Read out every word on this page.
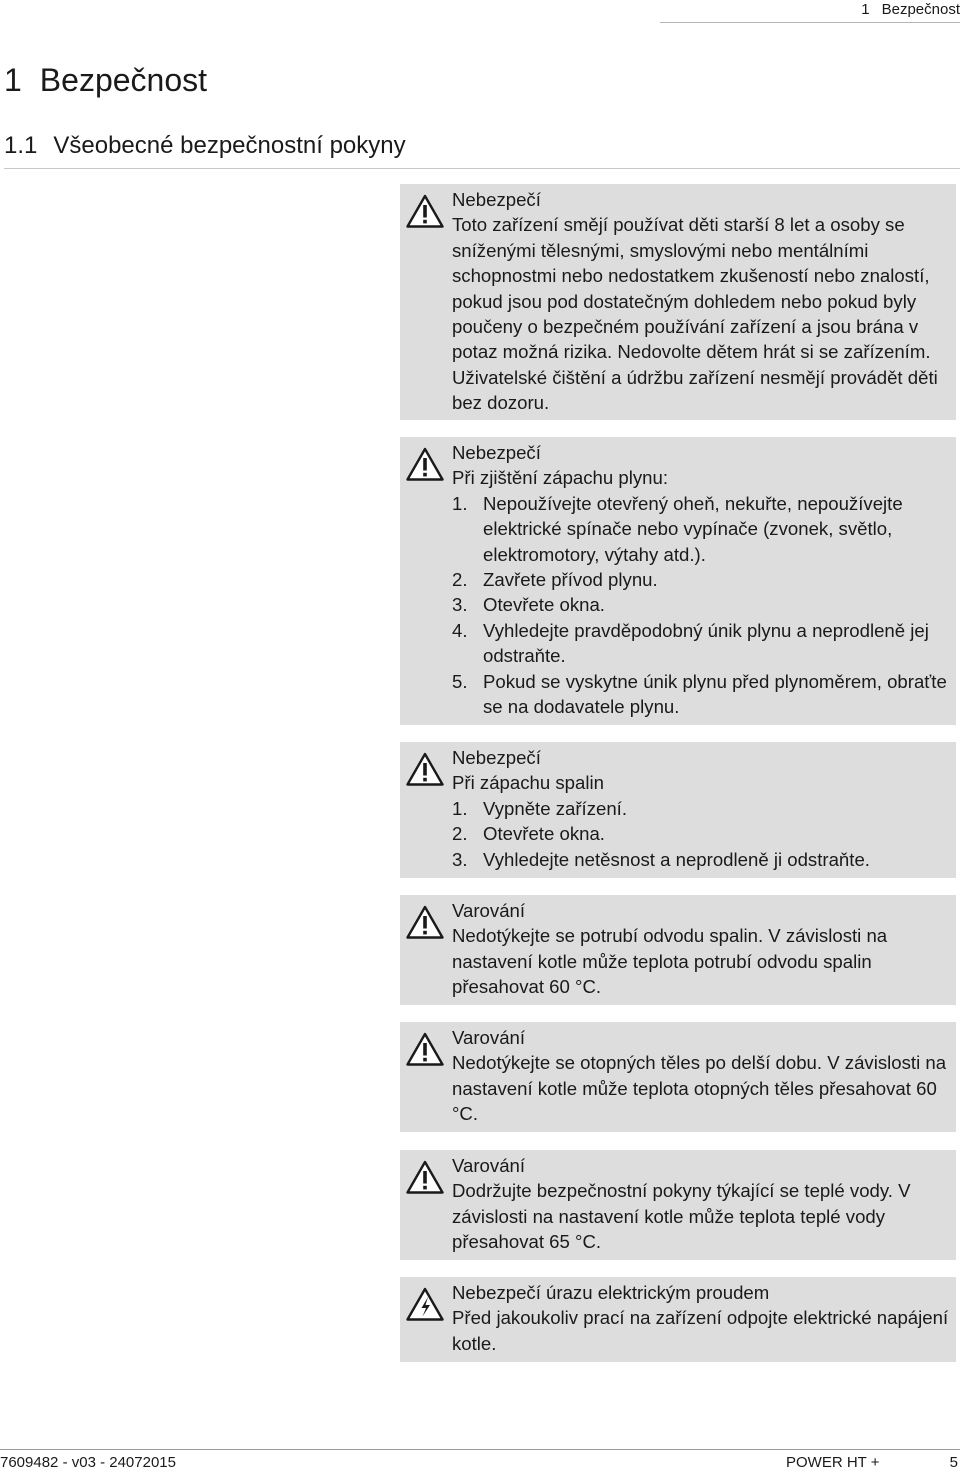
1 Bezpečnost
1 Bezpečnost
1.1 Všeobecné bezpečnostní pokyny
Nebezpečí
Toto zařízení smějí používat děti starší 8 let a osoby se sníženými tělesnými, smyslovými nebo mentálními schopnostmi nebo nedostatkem zkušeností nebo znalostí, pokud jsou pod dostatečným dohledem nebo pokud byly poučeny o bezpečném používání zařízení a jsou brána v potaz možná rizika. Nedovolte dětem hrát si se zařízením. Uživatelské čištění a údržbu zařízení nesmějí provádět děti bez dozoru.
Nebezpečí
Při zjištění zápachu plynu:
1. Nepoužívejte otevřený oheň, nekuřte, nepoužívejte elektrické spínače nebo vypínače (zvonek, světlo, elektromotory, výtahy atd.).
2. Zavřete přívod plynu.
3. Otevřete okna.
4. Vyhledejte pravděpodobný únik plynu a neprodleně jej odstraňte.
5. Pokud se vyskytne únik plynu před plynoměrem, obraťte se na dodavatele plynu.
Nebezpečí
Při zápachu spalin
1. Vypněte zařízení.
2. Otevřete okna.
3. Vyhledejte netěsnost a neprodleně ji odstraňte.
Varování
Nedotýkejte se potrubí odvodu spalin. V závislosti na nastavení kotle může teplota potrubí odvodu spalin přesahovat 60 °C.
Varování
Nedotýkejte se otopných těles po delší dobu. V závislosti na nastavení kotle může teplota otopných těles přesahovat 60 °C.
Varování
Dodržujte bezpečnostní pokyny týkající se teplé vody. V závislosti na nastavení kotle může teplota teplé vody přesahovat 65 °C.
Nebezpečí úrazu elektrickým proudem
Před jakoukoliv prací na zařízení odpojte elektrické napájení kotle.
7609482 - v03 - 24072015	POWER HT +	5
